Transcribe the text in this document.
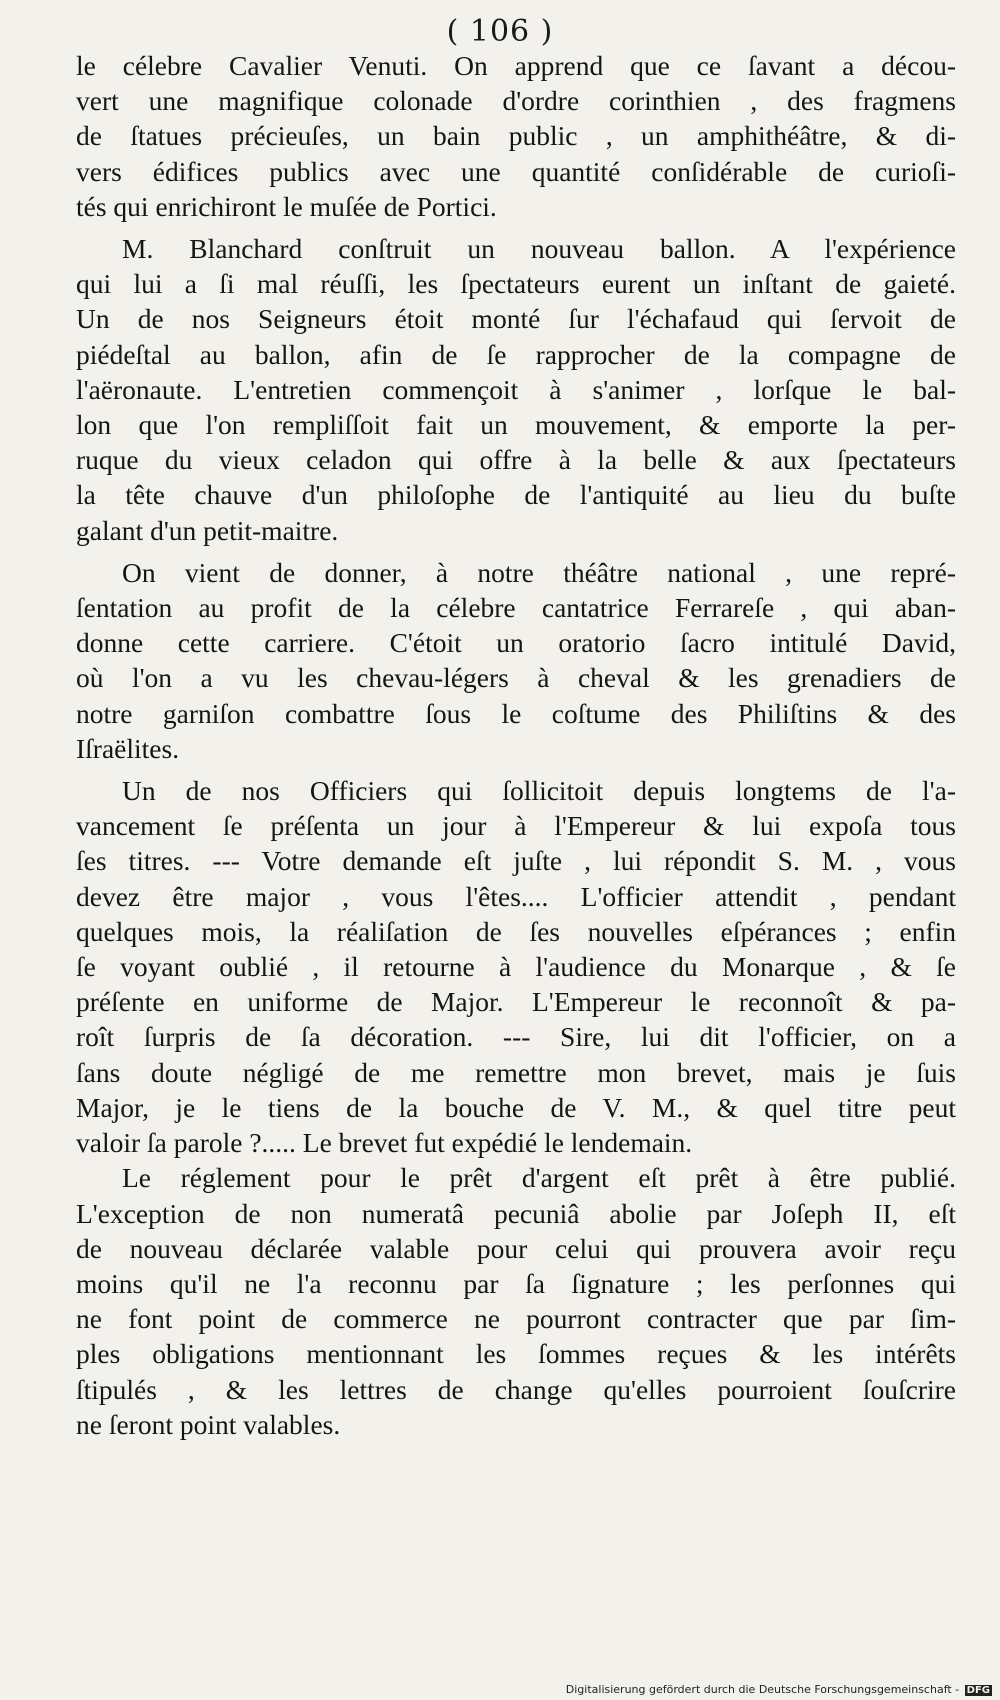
( 106 )
le célebre Cavalier Venuti. On apprend que ce ſavant a décou-
vert une magnifique colonade d'ordre corinthien , des fragmens
de ſtatues précieuſes, un bain public , un amphithéâtre, & di-
vers édifices publics avec une quantité conſidérable de curioſi-
tés qui enrichiront le muſée de Portici.
M. Blanchard conſtruit un nouveau ballon. A l'expérience
qui lui a ſi mal réuſſi, les ſpectateurs eurent un inſtant de gaieté.
Un de nos Seigneurs étoit monté ſur l'échafaud qui ſervoit de
piédeſtal au ballon, afin de ſe rapprocher de la compagne de
l'aëronaute. L'entretien commençoit à s'animer , lorſque le bal-
lon que l'on rempliſſoit fait un mouvement, & emporte la per-
ruque du vieux celadon qui offre à la belle & aux ſpectateurs
la tête chauve d'un philoſophe de l'antiquité au lieu du buſte
galant d'un petit-maitre.
On vient de donner, à notre théâtre national , une repré-
ſentation au profit de la célebre cantatrice Ferrareſe , qui aban-
donne cette carriere. C'étoit un oratorio ſacro intitulé David,
où l'on a vu les chevau-légers à cheval & les grenadiers de
notre garniſon combattre ſous le coſtume des Philiſtins & des
Iſraëlites.
Un de nos Officiers qui ſollicitoit depuis longtems de l'a-
vancement ſe préſenta un jour à l'Empereur & lui expoſa tous
ſes titres. --- Votre demande eſt juſte , lui répondit S. M. , vous
devez être major , vous l'êtes.... L'officier attendit , pendant
quelques mois, la réaliſation de ſes nouvelles eſpérances ; enfin
ſe voyant oublié , il retourne à l'audience du Monarque , & ſe
préſente en uniforme de Major. L'Empereur le reconnoît & pa-
roît ſurpris de ſa décoration. --- Sire, lui dit l'officier, on a
ſans doute négligé de me remettre mon brevet, mais je ſuis
Major, je le tiens de la bouche de V. M., & quel titre peut
valoir ſa parole ?..... Le brevet fut expédié le lendemain.
Le réglement pour le prêt d'argent eſt prêt à être publié.
L'exception de non numeratâ pecuniâ abolie par Joſeph II, eſt
de nouveau déclarée valable pour celui qui prouvera avoir reçu
moins qu'il ne l'a reconnu par ſa ſignature ; les perſonnes qui
ne font point de commerce ne pourront contracter que par ſim-
ples obligations mentionnant les ſommes reçues & les intérêts
ſtipulés , & les lettres de change qu'elles pourroient ſouſcrire
ne ſeront point valables.
Digitalisierung gefördert durch die Deutsche Forschungsgemeinschaft - DFG
